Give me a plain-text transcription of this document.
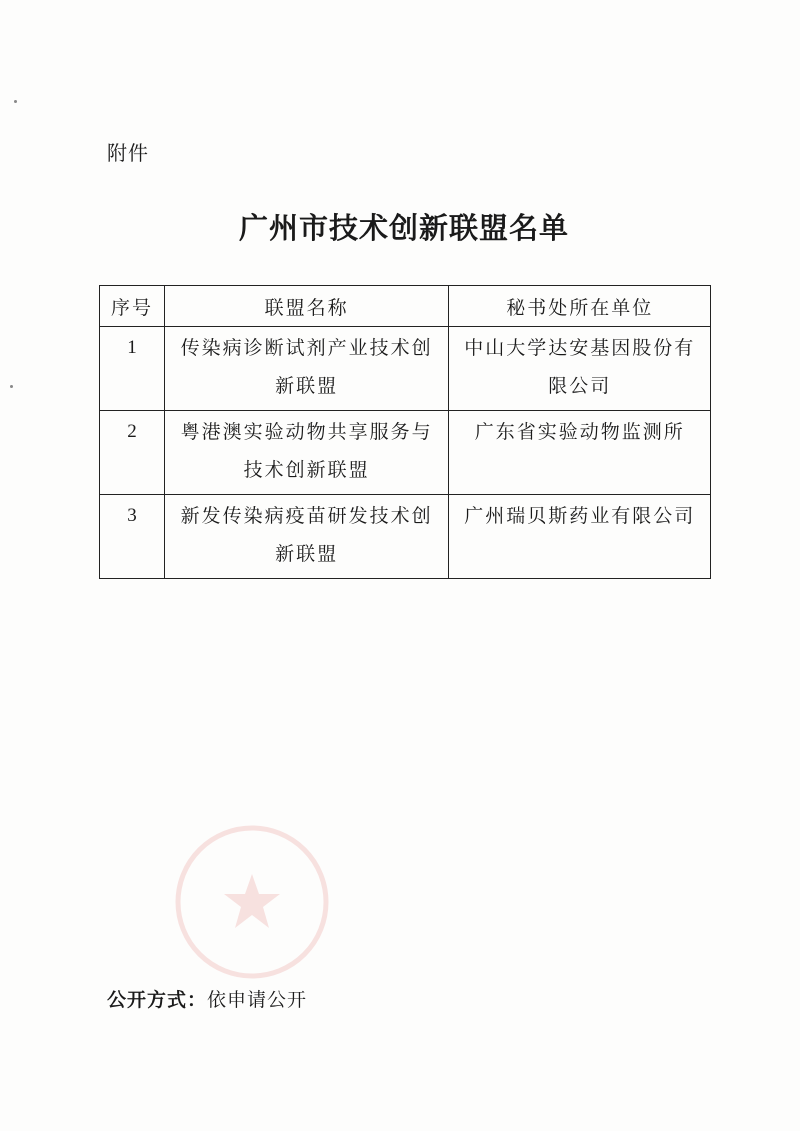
附件
广州市技术创新联盟名单
序号	联盟名称	秘书处所在单位
1	传染病诊断试剂产业技术创新联盟	中山大学达安基因股份有限公司
2	粤港澳实验动物共享服务与技术创新联盟	广东省实验动物监测所
3	新发传染病疫苗研发技术创新联盟	广州瑞贝斯药业有限公司
公开方式：依申请公开
